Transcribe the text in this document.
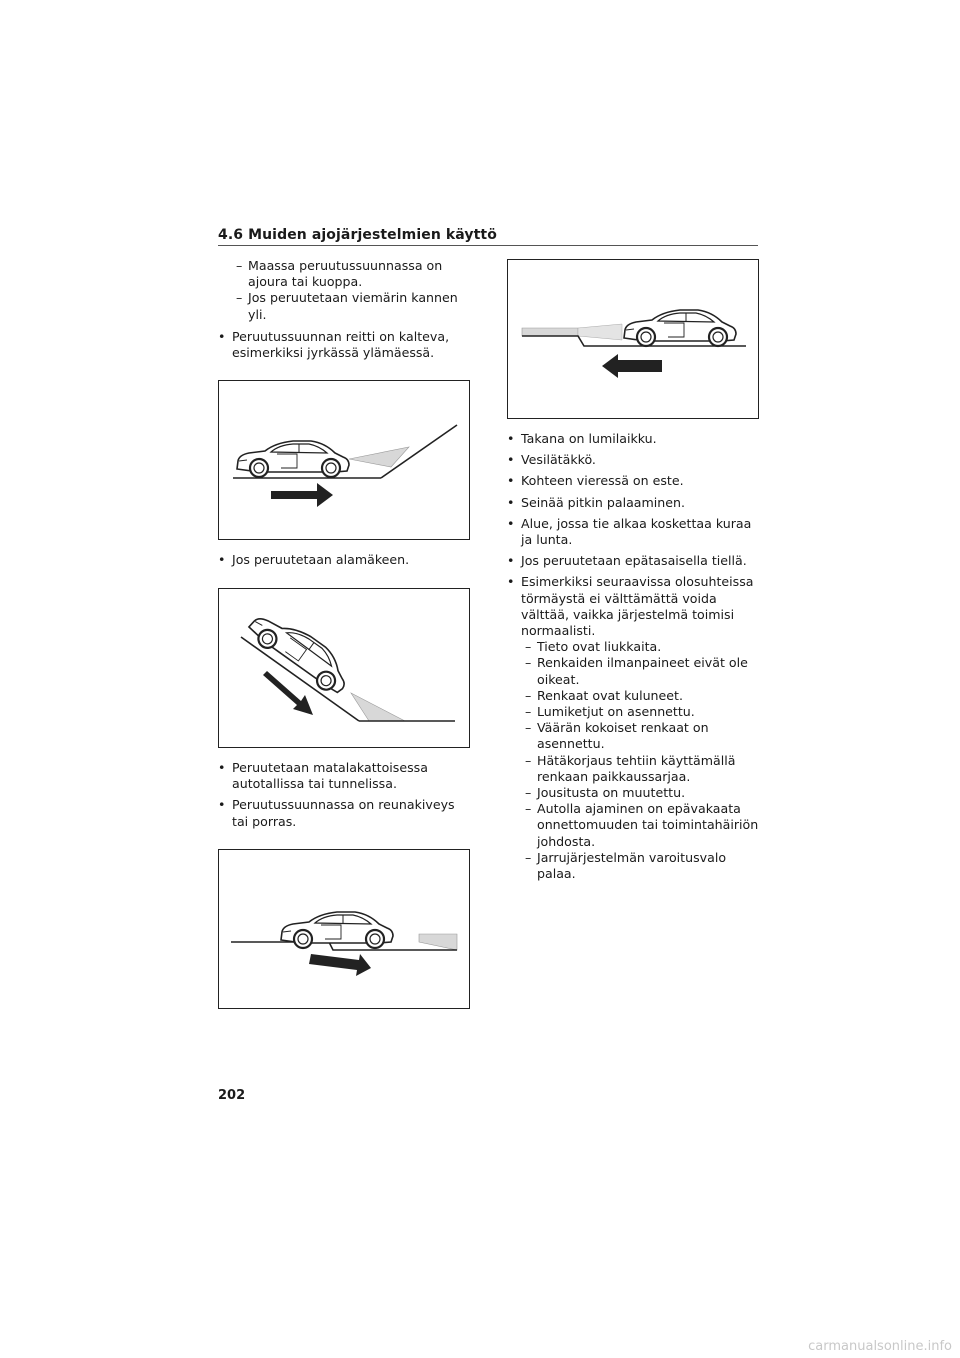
4.6 Muiden ajojärjestelmien käyttö

– Maassa peruutussuunnassa on ajoura tai kuoppa.

– Jos peruutetaan viemärin kannen yli.

• Peruutussuunnan reitti on kalteva, esimerkiksi jyrkässä ylämäessä.

• Jos peruutetaan alamäkeen.

• Peruutetaan matalakattoisessa autotallissa tai tunnelissa.

• Peruutussuunnassa on reunakiveys tai porras.

• Takana on lumilaikku.

• Vesilätäkkö.

• Kohteen vieressä on este.

• Seinää pitkin palaaminen.

• Alue, jossa tie alkaa koskettaa kuraa ja lunta.

• Jos peruutetaan epätasaisella tiellä.

• Esimerkiksi seuraavissa olosuhteissa törmäystä ei välttämättä voida välttää, vaikka järjestelmä toimisi normaalisti.

– Tieto ovat liukkaita.

– Renkaiden ilmanpaineet eivät ole oikeat.

– Renkaat ovat kuluneet.

– Lumiketjut on asennettu.

– Väärän kokoiset renkaat on asennettu.

– Hätäkorjaus tehtiin käyttämällä renkaan paikkaussarjaa.

– Jousitusta on muutettu.

– Autolla ajaminen on epävakaata onnettomuuden tai toimintahäiriön johdosta.

– Jarrujärjestelmän varoitusvalo palaa.

202
carmanualsonline.info
